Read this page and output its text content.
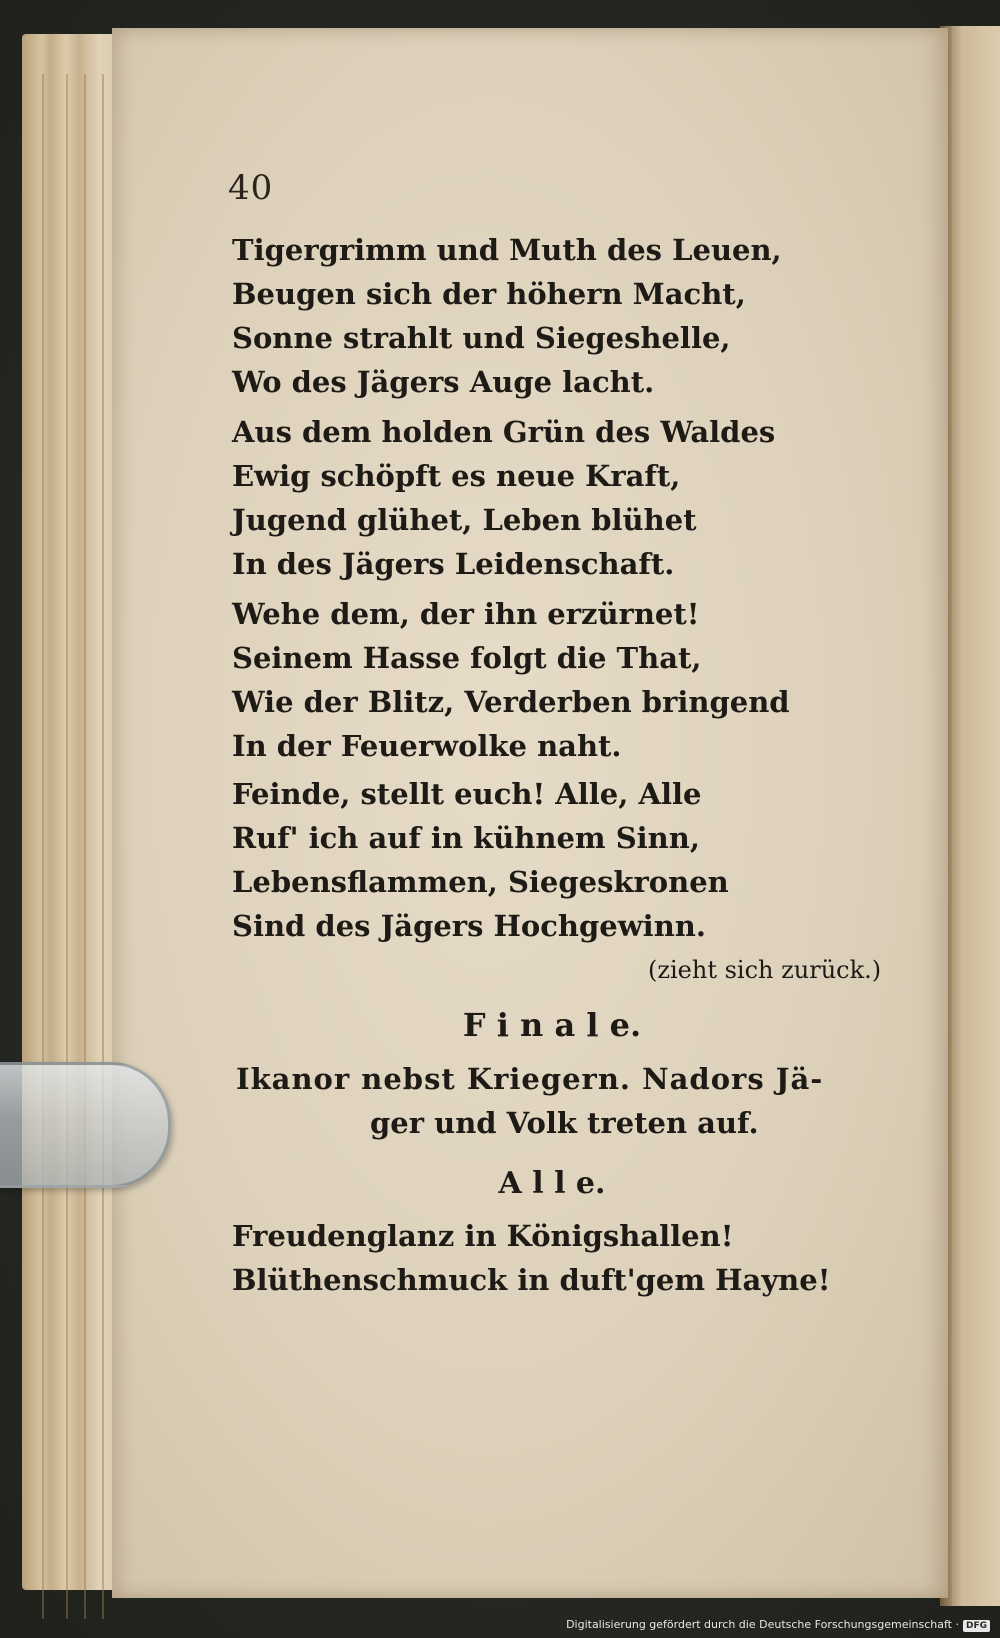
40
Tigergrimm und Muth des Leuen,
Beugen sich der höhern Macht,
Sonne strahlt und Siegeshelle,
Wo des Jägers Auge lacht.
Aus dem holden Grün des Waldes
Ewig schöpft es neue Kraft,
Jugend glühet, Leben blühet
In des Jägers Leidenschaft.
Wehe dem, der ihn erzürnet!
Seinem Hasse folgt die That,
Wie der Blitz, Verderben bringend
In der Feuerwolke naht.
Feinde, stellt euch! Alle, Alle
Ruf' ich auf in kühnem Sinn,
Lebensflammen, Siegeskronen
Sind des Jägers Hochgewinn.
(zieht sich zurück.)
F i n a l e.
Ikanor nebst Kriegern. Nadors Jä-
ger und Volk treten auf.
A l l e.
Freudenglanz in Königshallen!
Blüthenschmuck in duft'gem Hayne!
Digitalisierung gefördert durch die Deutsche Forschungsgemeinschaft · DFG
